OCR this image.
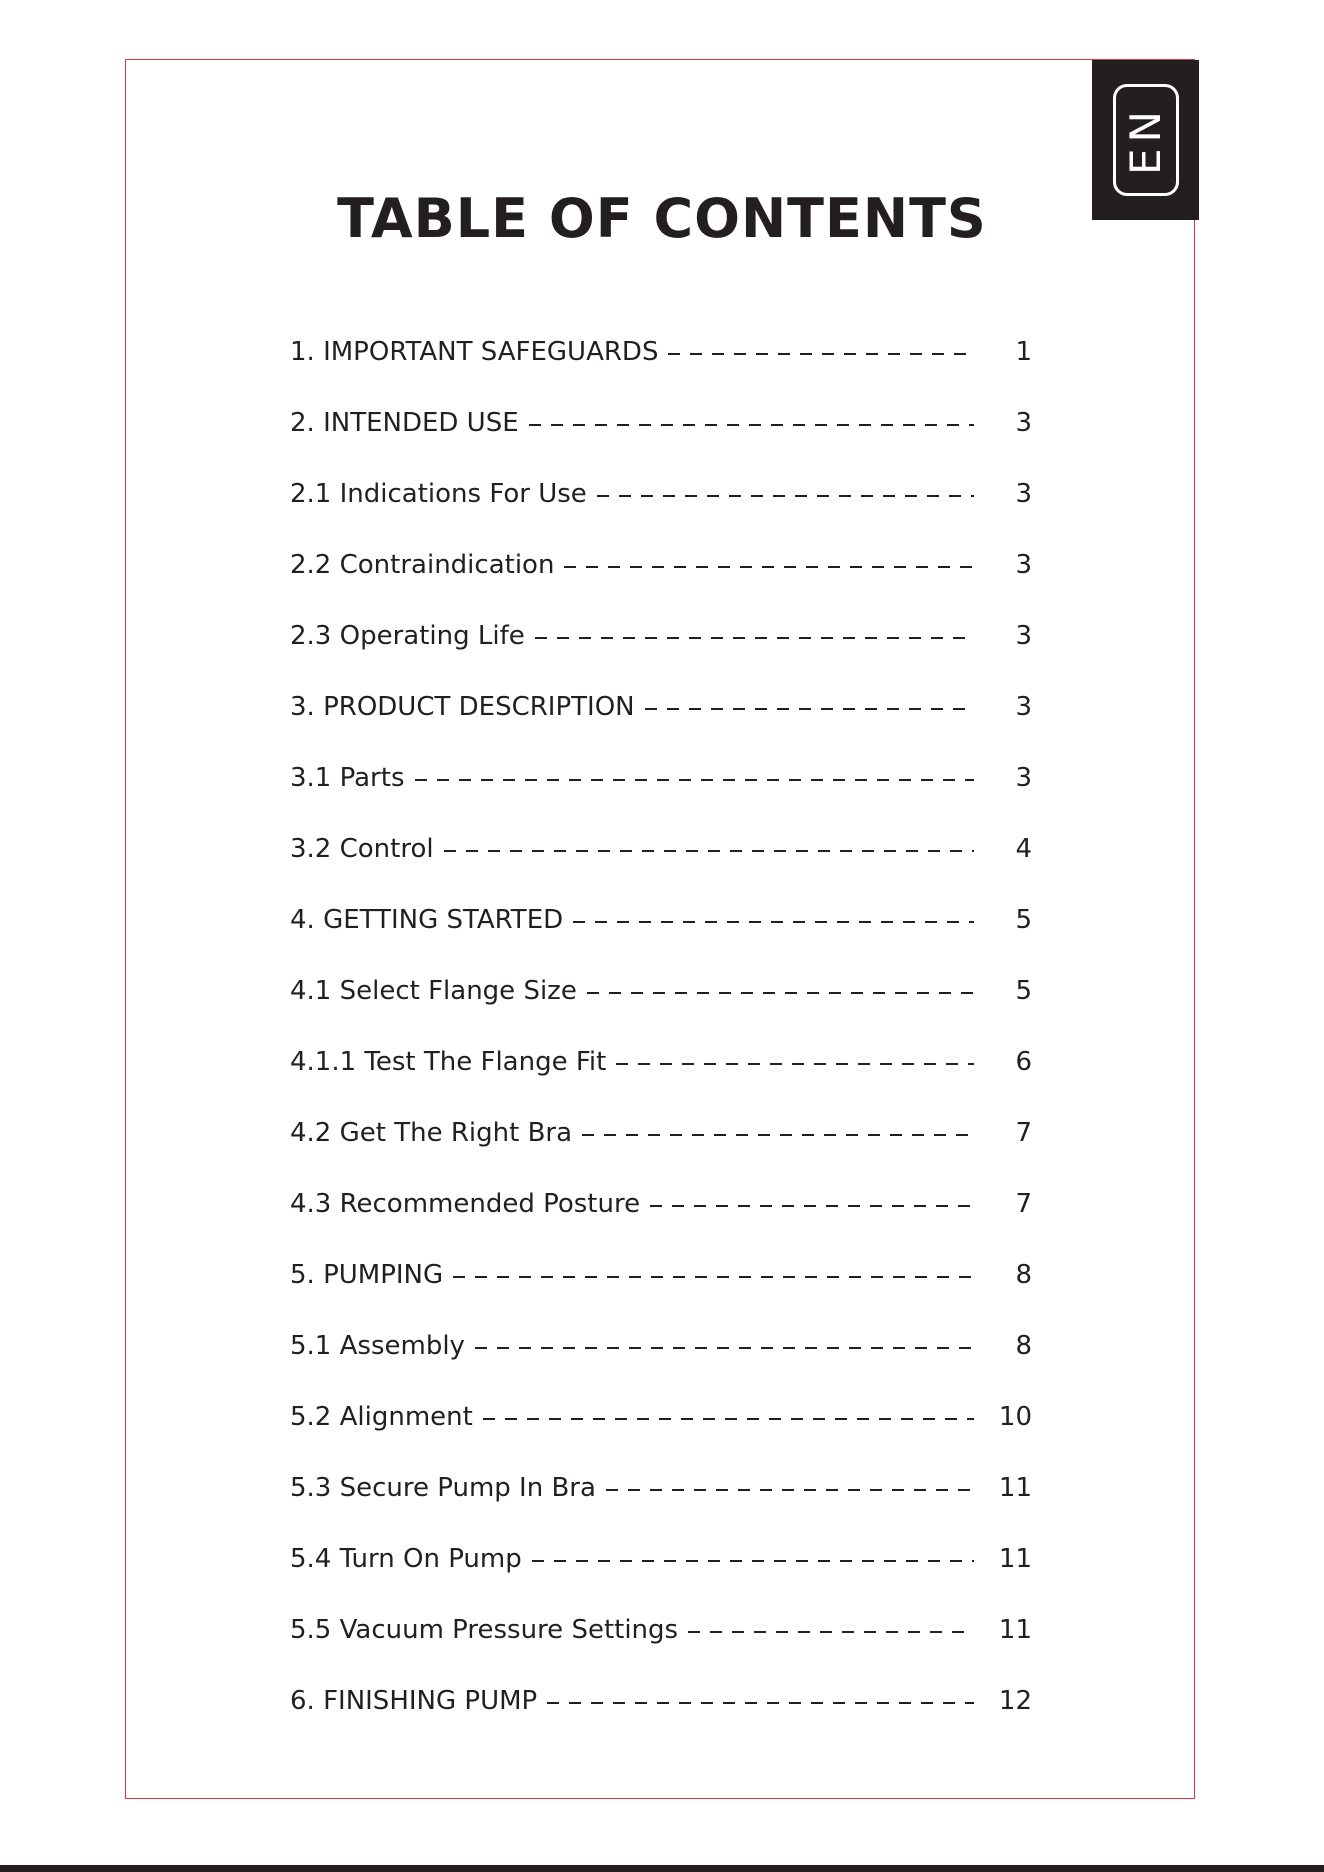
EN
TABLE OF CONTENTS
1. IMPORTANT SAFEGUARDS	1
2. INTENDED USE	3
2.1 Indications For Use	3
2.2 Contraindication	3
2.3 Operating Life	3
3. PRODUCT DESCRIPTION	3
3.1 Parts	3
3.2 Control	4
4. GETTING STARTED	5
4.1 Select Flange Size	5
4.1.1 Test The Flange Fit	6
4.2 Get The Right Bra	7
4.3 Recommended Posture	7
5. PUMPING	8
5.1 Assembly	8
5.2 Alignment	10
5.3 Secure Pump In Bra	11
5.4 Turn On Pump	11
5.5 Vacuum Pressure Settings	11
6. FINISHING PUMP	12
